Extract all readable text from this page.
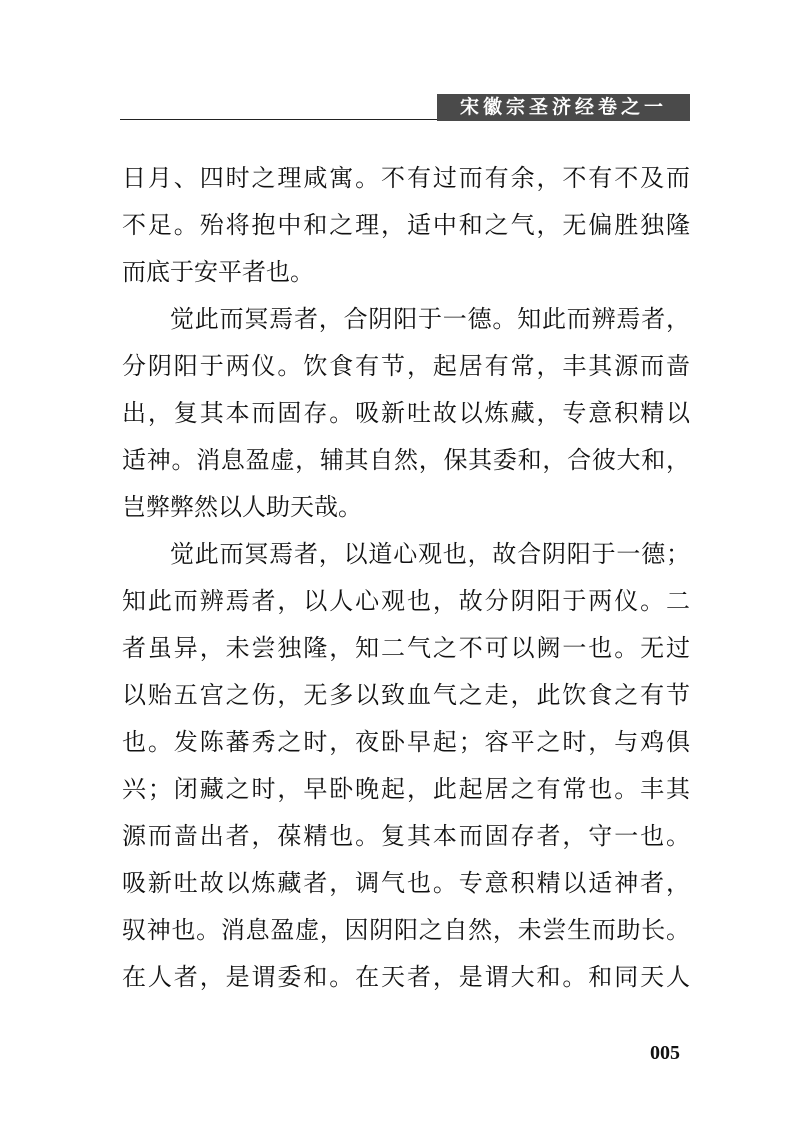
宋徽宗圣济经卷之一
日月、四时之理咸寓。不有过而有余，不有不及而
不足。殆将抱中和之理，适中和之气，无偏胜独隆
而底于安平者也。
觉此而冥焉者，合阴阳于一德。知此而辨焉者，
分阴阳于两仪。饮食有节，起居有常，丰其源而啬
出，复其本而固存。吸新吐故以炼藏，专意积精以
适神。消息盈虚，辅其自然，保其委和，合彼大和，
岂弊弊然以人助天哉。
觉此而冥焉者，以道心观也，故合阴阳于一德；
知此而辨焉者，以人心观也，故分阴阳于两仪。二
者虽异，未尝独隆，知二气之不可以阙一也。无过
以贻五宫之伤，无多以致血气之走，此饮食之有节
也。发陈蕃秀之时，夜卧早起；容平之时，与鸡俱
兴；闭藏之时，早卧晚起，此起居之有常也。丰其
源而啬出者，葆精也。复其本而固存者，守一也。
吸新吐故以炼藏者，调气也。专意积精以适神者，
驭神也。消息盈虚，因阴阳之自然，未尝生而助长。
在人者，是谓委和。在天者，是谓大和。和同天人
005
